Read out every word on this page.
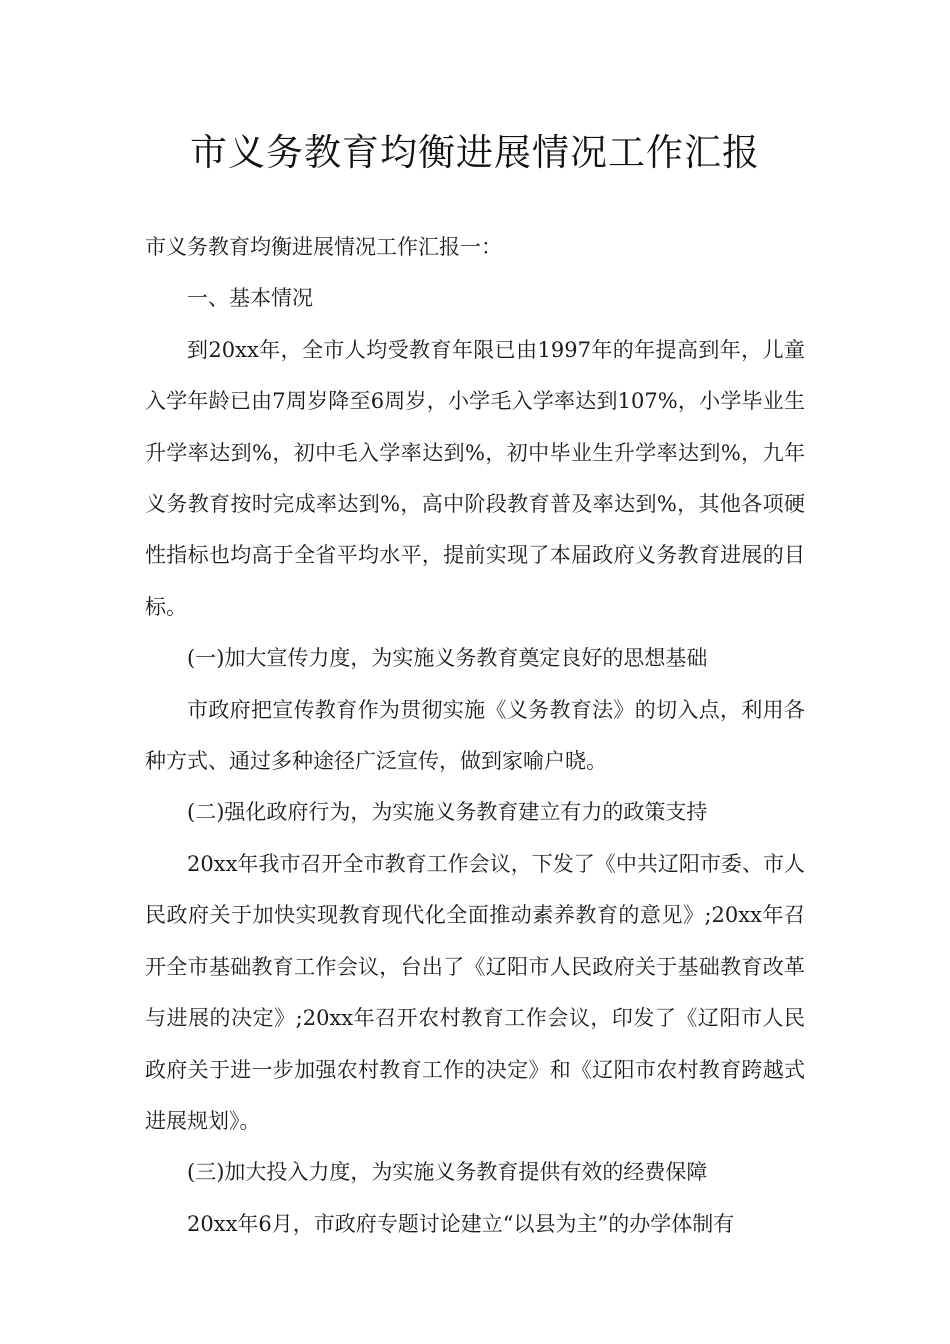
市义务教育均衡进展情况工作汇报

市义务教育均衡进展情况工作汇报一：

一、基本情况

到20xx年，全市人均受教育年限已由1997年的年提高到年，儿童入学年龄已由7周岁降至6周岁，小学毛入学率达到107%，小学毕业生升学率达到%，初中毛入学率达到%，初中毕业生升学率达到%，九年义务教育按时完成率达到%，高中阶段教育普及率达到%，其他各项硬性指标也均高于全省平均水平，提前实现了本届政府义务教育进展的目标。

(一)加大宣传力度，为实施义务教育奠定良好的思想基础

市政府把宣传教育作为贯彻实施《义务教育法》的切入点，利用各种方式、通过多种途径广泛宣传，做到家喻户晓。

(二)强化政府行为，为实施义务教育建立有力的政策支持

20xx年我市召开全市教育工作会议，下发了《中共辽阳市委、市人民政府关于加快实现教育现代化全面推动素养教育的意见》;20xx年召开全市基础教育工作会议，台出了《辽阳市人民政府关于基础教育改革与进展的决定》;20xx年召开农村教育工作会议，印发了《辽阳市人民政府关于进一步加强农村教育工作的决定》和《辽阳市农村教育跨越式进展规划》。

(三)加大投入力度，为实施义务教育提供有效的经费保障

20xx年6月，市政府专题讨论建立“以县为主”的办学体制有
